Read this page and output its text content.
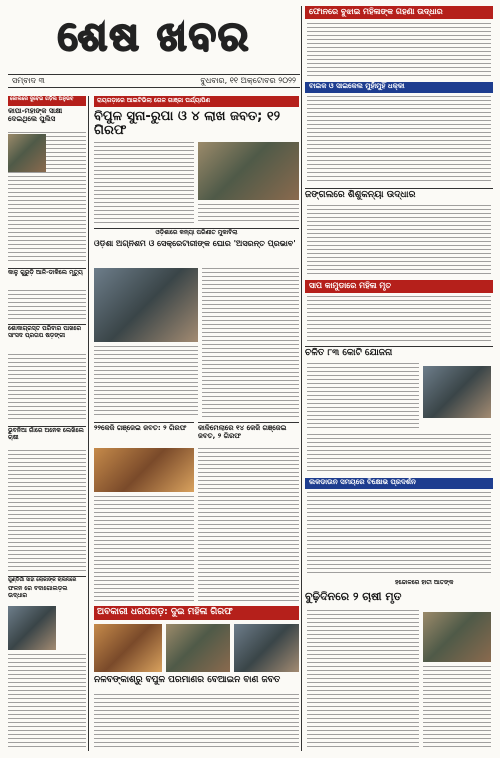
ଶେଷ ଖବର
ସମ୍ବାଦ ୩	ବୁଧବାର, ୧୧ ଅକ୍ଟୋବର ୨୦୨୨
ଫୋନରେ ବୁଝାଇ ମହିଳାଙ୍କ ଗହଣା ଉଦ୍ଧାର
ବାଇକ ଓ ସାଇକେଲ ମୁହାଁମୁହିଁ ଧକ୍କା
ଜଙ୍ଗଲରେ ଶିଶୁକନ୍ୟା ଉଦ୍ଧାର
ସାପ କାମୁଡାରେ ମହିଳା ମୃତ
ଚଳିତ ୮୩ କୋଟି ଯୋଜନା
ଲକଡାଉନ ସମୟରେ ବିକ୍ଷୋଭ ପ୍ରଦର୍ଶନ
ହିନ୍ଦୋଳରେ ହାତୀ ଆତଙ୍କ
ବୁଢ଼ିଦିନରେ ୨ ଚାଷୀ ମୃତ
କୋଲରେ ଦୁବେଇ ଗଡ଼ିଲ ଅନୁଭବ
କାପା-ମହାଙ୍କ ସାକ୍ଷୀ ଦେଇଥିଲେ ପୁଲିସ
କାଳୁ ଗୁରୁଡ଼ି ଆଳି-ଡାକିଲେ ମୃତ୍ୟୁ
ଶୋକାଗ୍ରସ୍ତ ପରିବାର ପାଖରେ ସାଂସଦ ପ୍ରତାପ ଷଡ଼ଙ୍ଗୀ
ଭୁବନିଆ ଗାଁରେ ଅନେକ ଲେଖିଲେ ଚାଷୀ
ଗୁଣ୍ଡିଗାଁ ସାହା ଲୋକାଙ୍କ ଚାଲନାରେ
ଫଳିନ ରେ ବଦାଗୋଲଡ଼ିଲ ଉଦ୍ଧାର
ରାୟଗଡ଼ାରେ ଆଇଟିଭିଲା ଗେଳ ଗାଞ୍ଜା ଘର୍ଯ୍ୟାପିଣ
ବିପୁଳ ସୁନା-ରୁପା ଓ ୪ ଲାଖ ଜବତ; ୧୨ ଗିରଫ
ଓଡ଼ିଶାରେ କନ୍ୟା ପରିଣୀତ ମୁକାବିଲା
ଓଡ଼ିଶା ଅଗ୍ନିଶମ ଓ ସେକ୍ରେଟାରୀଙ୍କ ଘୋର 'ଅସରନ୍ତ ପ୍ରଭାବ'
୨୨କେଜି ଗଞ୍ଜେଇ ଜବତ: ୨ ଗିରଫ	କାଳିମେଲାରେ ୧୪ କେଜି ଗଞ୍ଜେଇ ଜବତ, ୨ ଗିରଫ
ଅବକାରୀ ଧରପଗଡ଼: ଦୁଇ ମହିଳା ଗିରଫ
ନଳବଙ୍କାଶ୍ରୁ ବିପୁଳ ପରିମାଣର ବେଆଇନ ବାଣ ଜବତ
